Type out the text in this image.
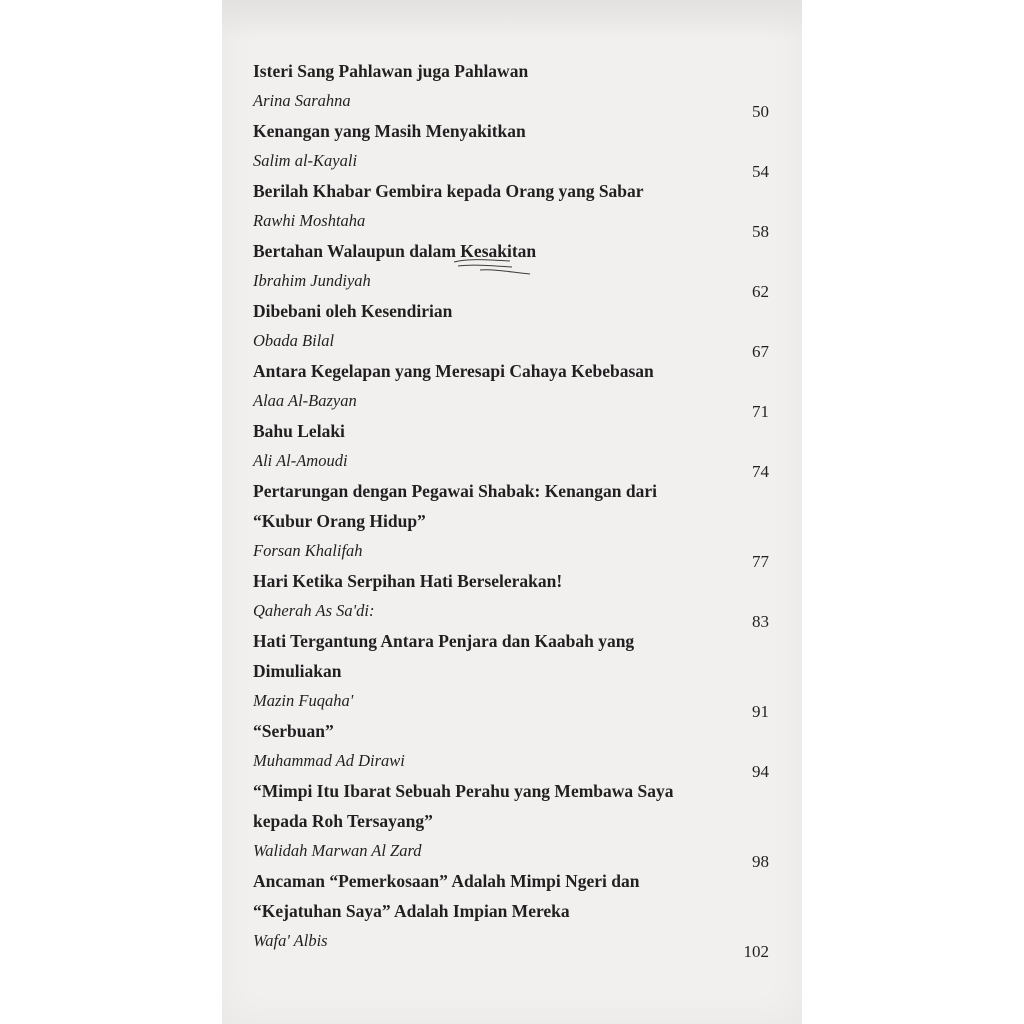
Isteri Sang Pahlawan juga Pahlawan

Arina Sarahna

50

Kenangan yang Masih Menyakitkan

Salim al-Kayali

54

Berilah Khabar Gembira kepada Orang yang Sabar

Rawhi Moshtaha

58

Bertahan Walaupun dalam Kesakitan

Ibrahim Jundiyah

62

Dibebani oleh Kesendirian

Obada Bilal

67

Antara Kegelapan yang Meresapi Cahaya Kebebasan

Alaa Al-Bazyan

71

Bahu Lelaki

Ali Al-Amoudi

74

Pertarungan dengan Pegawai Shabak: Kenangan dari

“Kubur Orang Hidup”

Forsan Khalifah

77

Hari Ketika Serpihan Hati Berselerakan!

Qaherah As Sa'di:

83

Hati Tergantung Antara Penjara dan Kaabah yang

Dimuliakan

Mazin Fuqaha'

91

“Serbuan”

Muhammad Ad Dirawi

94

“Mimpi Itu Ibarat Sebuah Perahu yang Membawa Saya

kepada Roh Tersayang”

Walidah Marwan Al Zard

98

Ancaman “Pemerkosaan” Adalah Mimpi Ngeri dan

“Kejatuhan Saya” Adalah Impian Mereka

Wafa' Albis

102
